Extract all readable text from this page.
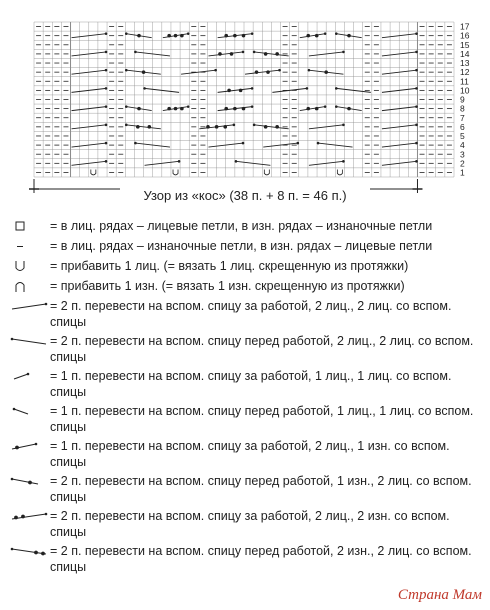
1
2
3
4
5
6
7
8
9
10
11
12
13
14
15
16
17
Узор из «кос» (38 п. + 8 п. = 46 п.)
= в лиц. рядах – лицевые петли, в изн. рядах – изнаночные петли
= в лиц. рядах – изнаночные петли, в изн. рядах – лицевые петли
= прибавить 1 лиц. (= вязать 1 лиц. скрещенную из протяжки)
= прибавить 1 изн. (= вязать 1 изн. скрещенную из протяжки)
= 2 п. перевести на вспом. спицу за работой, 2 лиц., 2 лиц. со вспом. спицы
= 2 п. перевести на вспом. спицу перед работой, 2 лиц., 2 лиц. со вспом. спицы
= 1 п. перевести на вспом. спицу за работой, 1 лиц., 1 лиц. со вспом. спицы
= 1 п. перевести на вспом. спицу перед работой, 1 лиц., 1 лиц. со вспом. спицы
= 1 п. перевести на вспом. спицу за работой, 2 лиц., 1 изн. со вспом. спицы
= 2 п. перевести на вспом. спицу перед работой, 1 изн., 2 лиц. со вспом. спицы
= 2 п. перевести на вспом. спицу за работой, 2 лиц., 2 изн. со вспом. спицы
= 2 п. перевести на вспом. спицу перед работой, 2 изн., 2 лиц. со вспом. спицы
Страна Мам
